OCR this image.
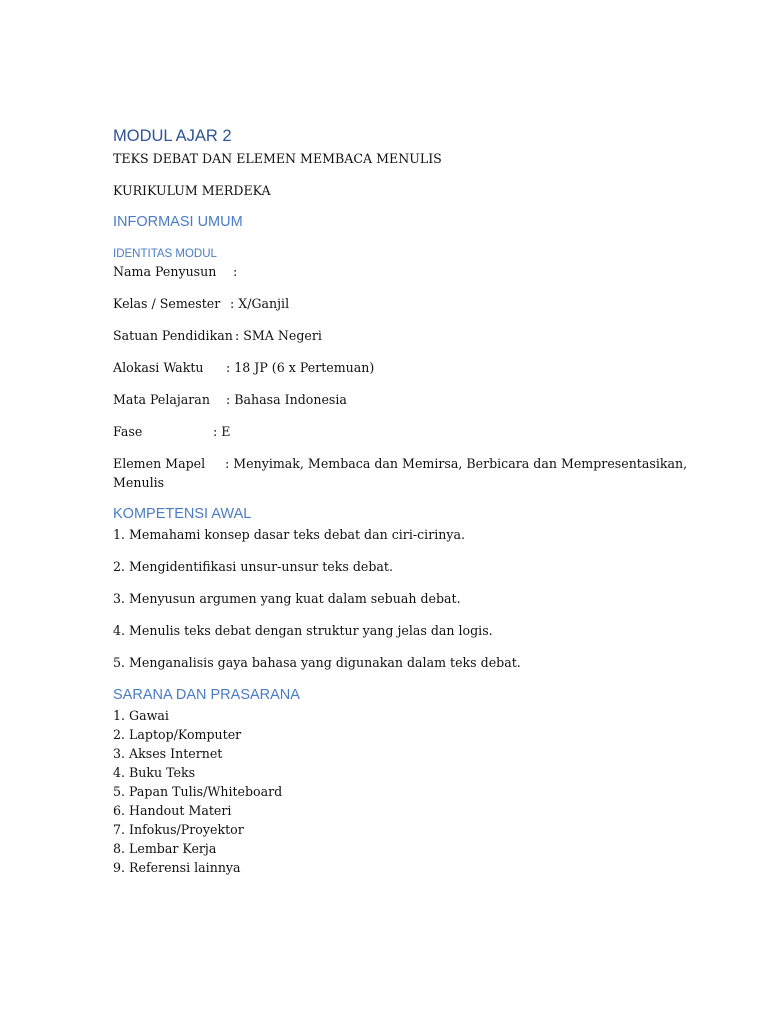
MODUL AJAR 2

TEKS DEBAT DAN ELEMEN MEMBACA MENULIS

KURIKULUM MERDEKA

INFORMASI UMUM
IDENTITAS MODUL
Nama Penyusun	:
Kelas / Semester : X/Ganjil
Satuan Pendidikan : SMA Negeri
Alokasi Waktu	: 18 JP (6 x Pertemuan)
Mata Pelajaran	: Bahasa Indonesia
Fase	: E
Elemen Mapel	: Menyimak, Membaca dan Memirsa, Berbicara dan Mempresentasikan,

Menulis

KOMPETENSI AWAL

1. Memahami konsep dasar teks debat dan ciri-cirinya.

2. Mengidentifikasi unsur-unsur teks debat.

3. Menyusun argumen yang kuat dalam sebuah debat.

4. Menulis teks debat dengan struktur yang jelas dan logis.

5. Menganalisis gaya bahasa yang digunakan dalam teks debat.

SARANA DAN PRASARANA
1. Gawai
2. Laptop/Komputer
3. Akses Internet
4. Buku Teks
5. Papan Tulis/Whiteboard
6. Handout Materi
7. Infokus/Proyektor
8. Lembar Kerja
9. Referensi lainnya
